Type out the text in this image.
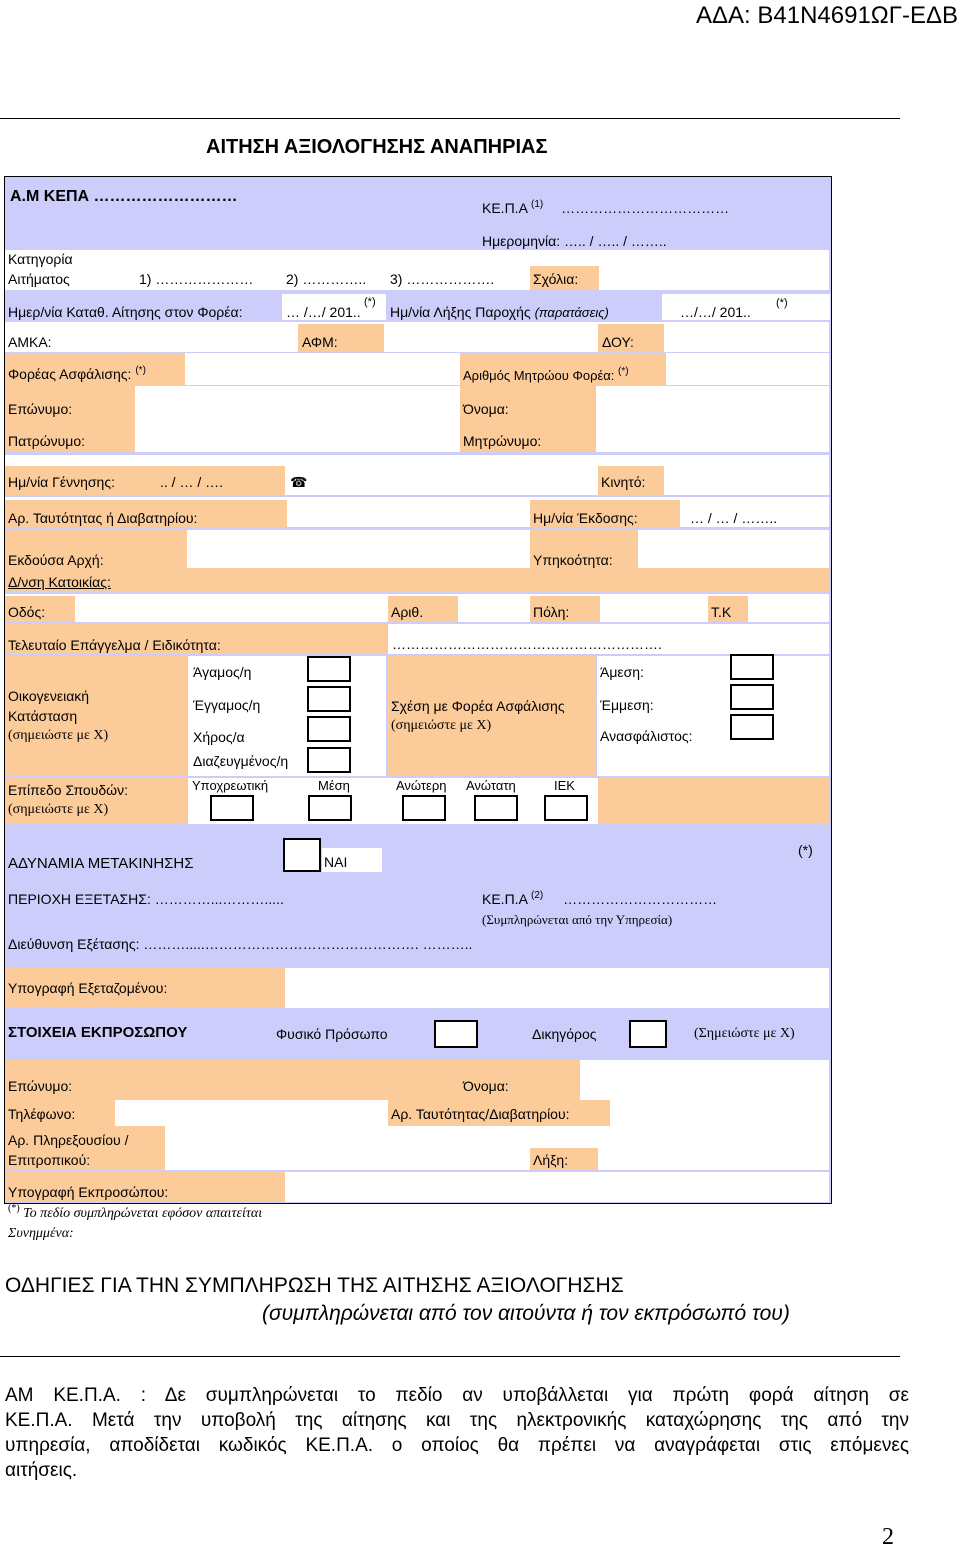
ΑΔΑ: Β41Ν4691ΩΓ-ΕΔΒ
ΑΙΤΗΣΗ ΑΞΙΟΛΟΓΗΣΗΣ ΑΝΑΠΗΡΙΑΣ
Α.Μ ΚΕΠΑ ………………………
ΚΕ.Π.Α $^{(1)}$ ………………………………
Ημερομηνία: ….. / ….. / ……..
Κατηγορία
Αιτήματος	1) ………………… 2) ………….. 3) ……………….	Σχόλια:
Ημερ/νία Καταθ. Αίτησης στον Φορέα:	… /…/ 201..
(*)
Ημ/νία Λήξης Παροχής (παρατάσεις)	…/…/ 201..
(*)
ΑΜΚΑ:	ΑΦΜ:	ΔΟΥ:
Φορέας Ασφάλισης: (*)	Αριθμός Μητρώου Φορέα: (*)
Επώνυμο:	Όνομα:
Πατρώνυμο:	Μητρώνυμο:
Ημ/νία Γέννησης:	.. / … / ….	☎	Κινητό:
Αρ. Ταυτότητας ή Διαβατηρίου:	Ημ/νία Έκδοσης:	… / … / ……..
Εκδούσα Αρχή:	Υπηκοότητα:
Δ/νση Κατοικίας:
Οδός:	Αριθ.	Πόλη:	Τ.Κ
Τελευταίο Επάγγελμα / Ειδικότητα:	………………………………………………….
Οικογενειακή
Κατάσταση
(σημειώστε με Χ)
Άγαμος/η
Έγγαμος/η
Χήρος/α
Διαζευγμένος/η
Σχέση με Φορέα Ασφάλισης
(σημειώστε με Χ)
Άμεση:
Έμμεση:
Ανασφάλιστος:
Επίπεδο Σπουδών:
(σημειώστε με Χ)
Υποχρεωτική	Μέση	Ανώτερη Ανώτατη	ΙΕΚ
ΑΔΥΝΑΜΙΑ ΜΕΤΑΚΙΝΗΣΗΣ	ΝΑΙ
(*)
ΠΕΡΙΟΧΗ ΕΞΕΤΑΣΗΣ: …………...……….....	ΚΕ.Π.Α $^{(2)}$ ……………………………
(Συμπληρώνεται από την Υπηρεσία)
Διεύθυνση Εξέτασης: ……….....………………………………………. ………..
Υπογραφή Εξεταζομένου:
ΣΤΟΙΧΕΙΑ ΕΚΠΡΟΣΩΠΟΥ	Φυσικό Πρόσωπο	Δικηγόρος	(Σημειώστε με Χ)
Επώνυμο:	Όνομα:
Τηλέφωνο:	Αρ. Ταυτότητας/Διαβατηρίου:
Αρ. Πληρεξουσίου /
Επιτροπικού:	Λήξη:
Υπογραφή Εκπροσώπου:
(*) Το πεδίο συμπληρώνεται εφόσον απαιτείται
Συνημμένα:
ΟΔΗΓΙΕΣ ΓΙΑ ΤΗΝ ΣΥΜΠΛΗΡΩΣΗ ΤΗΣ ΑΙΤΗΣΗΣ ΑΞΙΟΛΟΓΗΣΗΣ
(συμπληρώνεται από τον αιτούντα ή τον εκπρόσωπό του)
ΑΜ ΚΕ.Π.Α. : Δε συμπληρώνεται το πεδίο αν υποβάλλεται για πρώτη φορά αίτηση σε
ΚΕ.Π.Α. Μετά την υποβολή της αίτησης και της ηλεκτρονικής καταχώρησης της από την
υπηρεσία, αποδίδεται κωδικός ΚΕ.Π.Α. ο οποίος θα πρέπει να αναγράφεται στις επόμενες
αιτήσεις.
2
